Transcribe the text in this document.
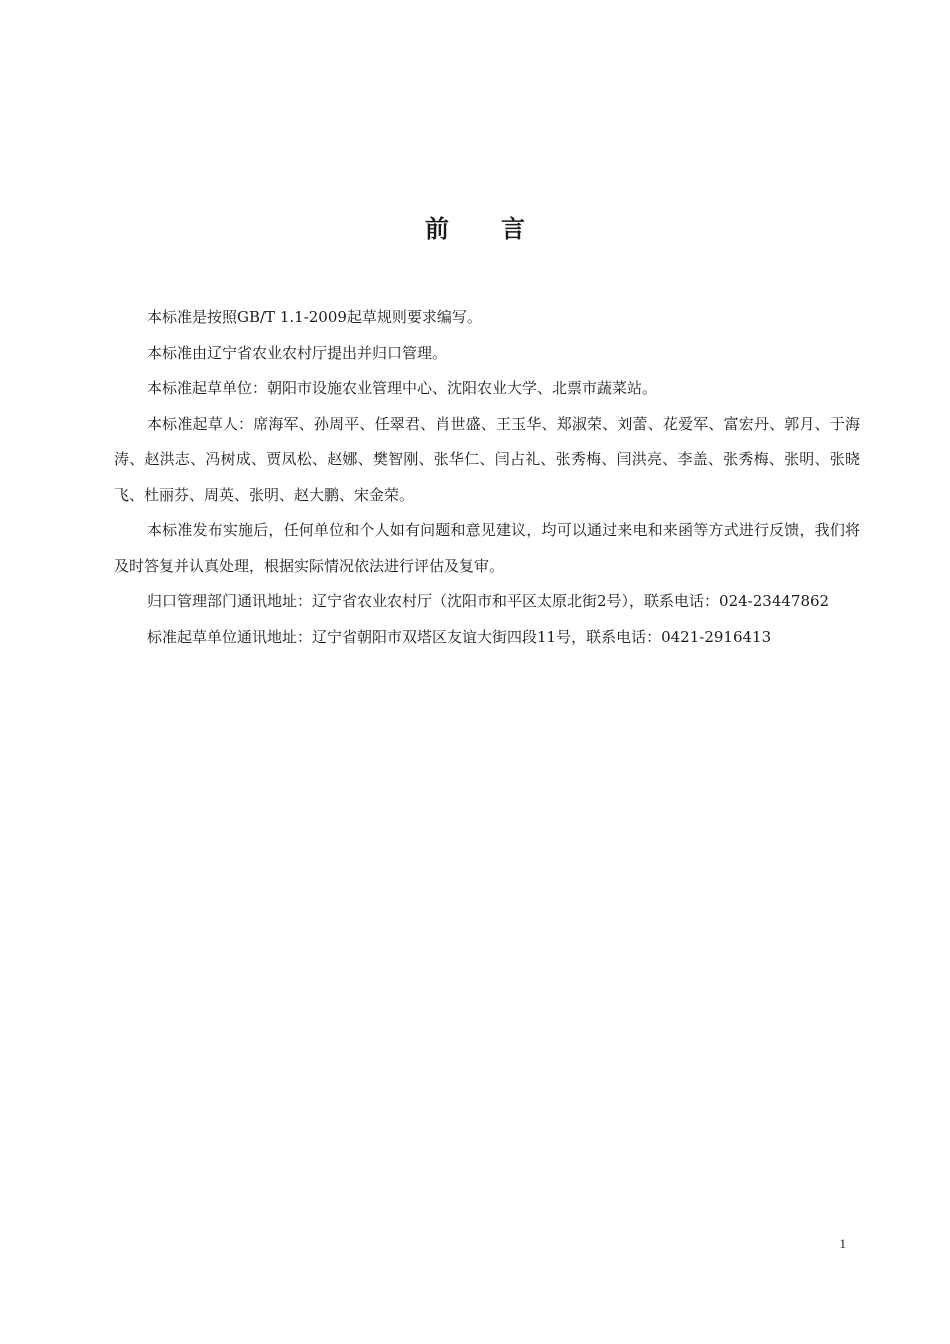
前 言

本标准是按照GB/T 1.1-2009起草规则要求编写。

本标准由辽宁省农业农村厅提出并归口管理。

本标准起草单位：朝阳市设施农业管理中心、沈阳农业大学、北票市蔬菜站。

本标准起草人：席海军、孙周平、任翠君、肖世盛、王玉华、郑淑荣、刘蕾、花爱军、富宏丹、郭月、于海涛、赵洪志、冯树成、贾凤松、赵娜、樊智刚、张华仁、闫占礼、张秀梅、闫洪亮、李盖、张秀梅、张明、张晓飞、杜丽芬、周英、张明、赵大鹏、宋金荣。

本标准发布实施后，任何单位和个人如有问题和意见建议，均可以通过来电和来函等方式进行反馈，我们将及时答复并认真处理，根据实际情况依法进行评估及复审。

归口管理部门通讯地址：辽宁省农业农村厅（沈阳市和平区太原北街2号），联系电话：024-23447862

标准起草单位通讯地址：辽宁省朝阳市双塔区友谊大街四段11号，联系电话：0421-2916413

1
